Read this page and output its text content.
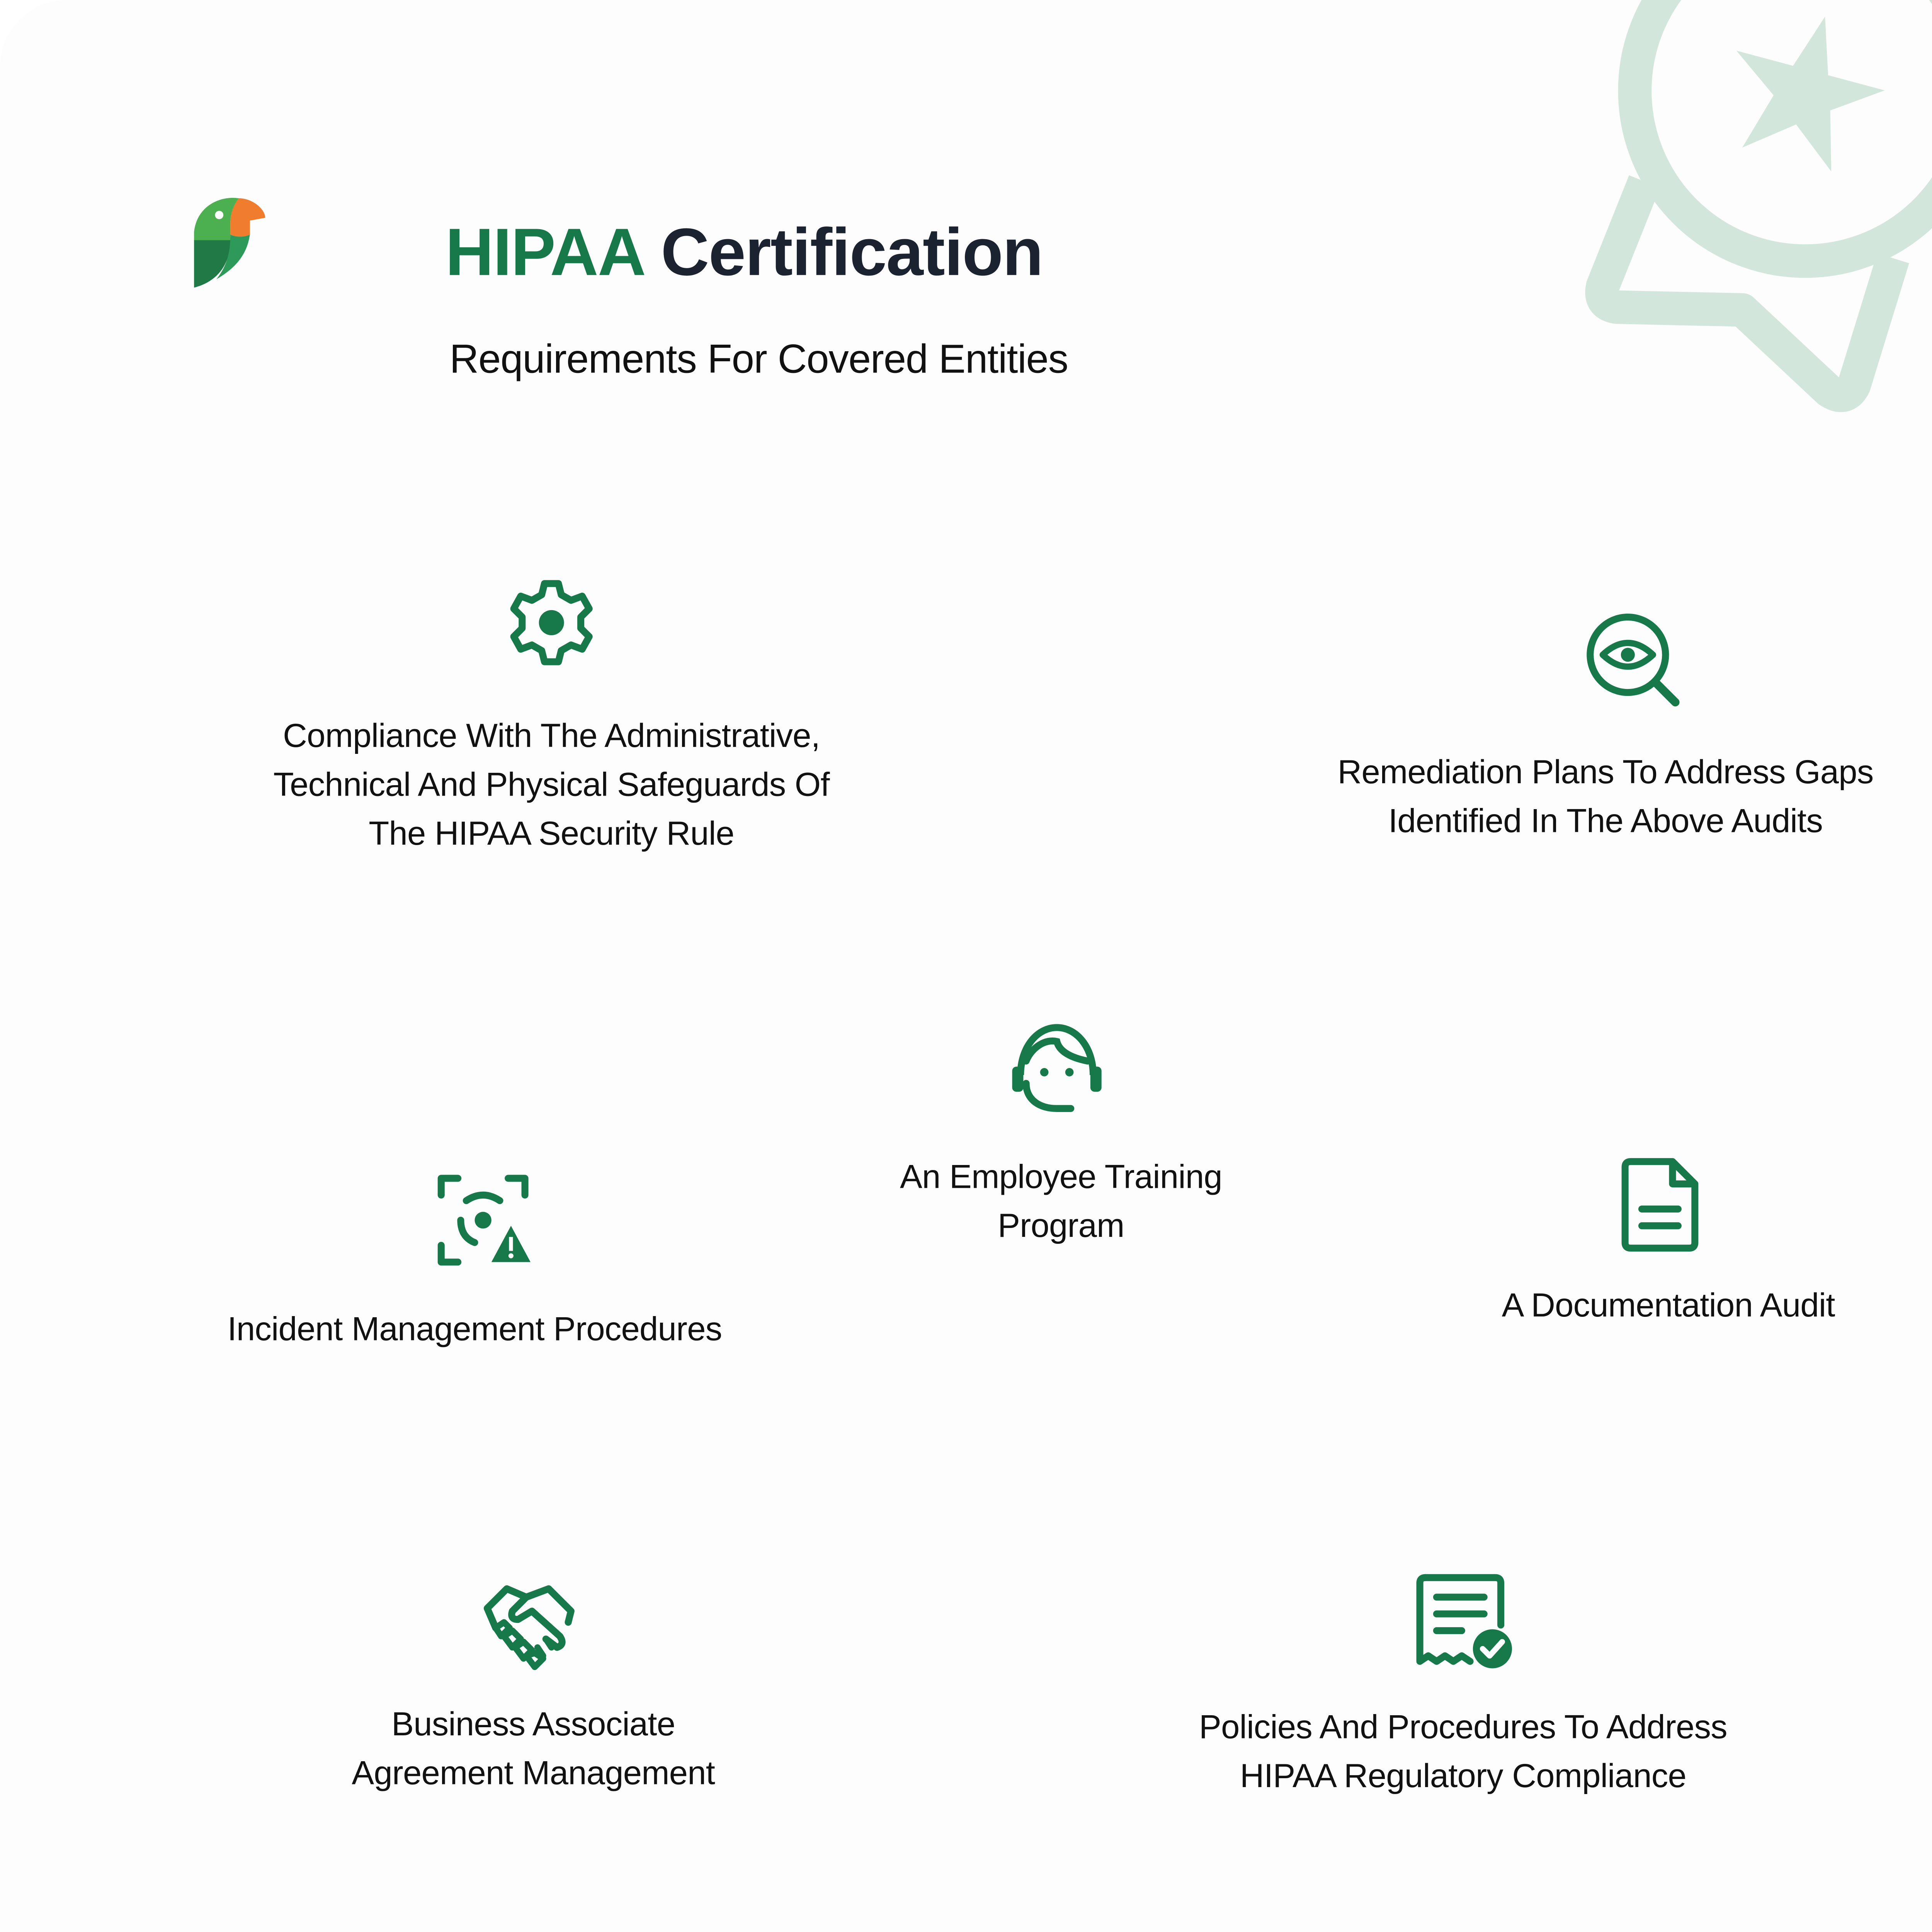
HIPAA Certification
Requirements For Covered Entities
Compliance With The Administrative,
Technical And Physical Safeguards Of
The HIPAA Security Rule
Remediation Plans To Address Gaps
Identified In The Above Audits
An Employee Training
Program
Incident Management Procedures
A Documentation Audit
Business Associate
Agreement Management
Policies And Procedures To Address
HIPAA Regulatory Compliance
